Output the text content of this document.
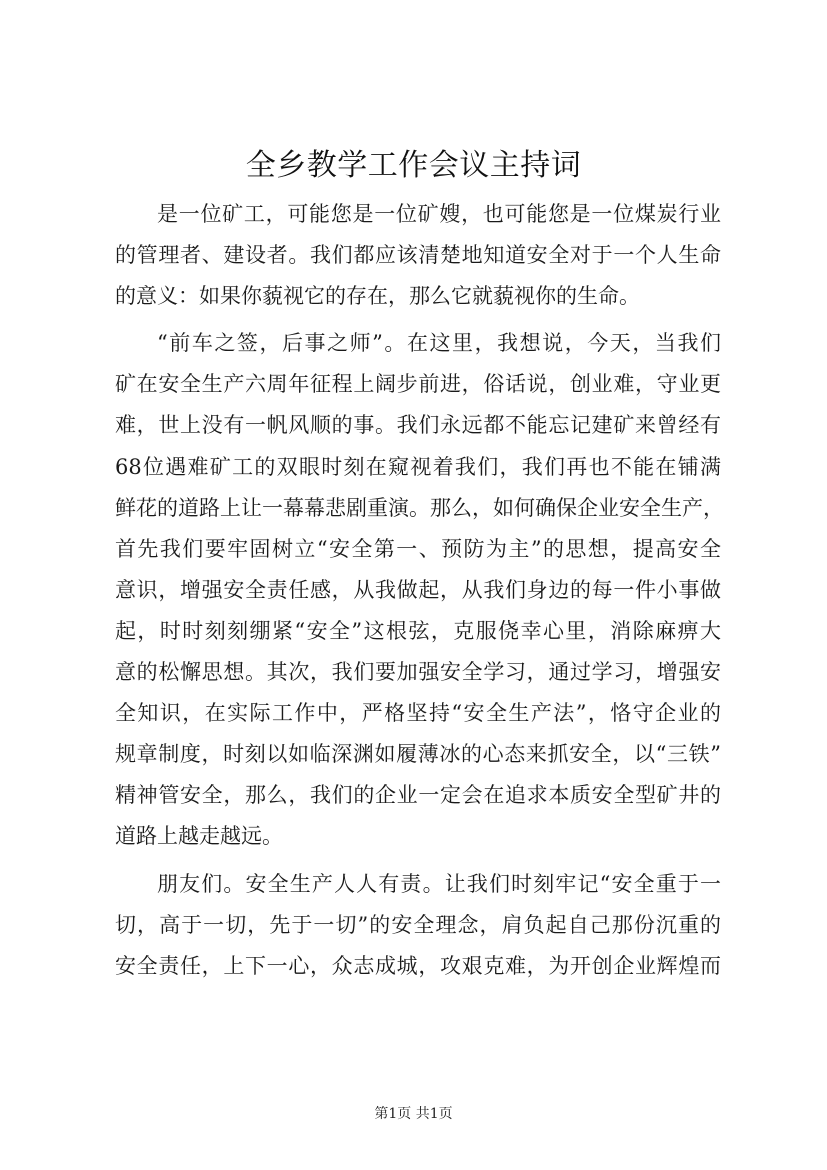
全乡教学工作会议主持词
是一位矿工，可能您是一位矿嫂，也可能您是一位煤炭行业
的管理者、建设者。我们都应该清楚地知道安全对于一个人生命
的意义：如果你藐视它的存在，那么它就藐视你的生命。
“前车之签，后事之师”。在这里，我想说，今天，当我们
矿在安全生产六周年征程上阔步前进，俗话说，创业难，守业更
难，世上没有一帆风顺的事。我们永远都不能忘记建矿来曾经有
68位遇难矿工的双眼时刻在窥视着我们，我们再也不能在铺满
鲜花的道路上让一幕幕悲剧重演。那么，如何确保企业安全生产，
首先我们要牢固树立“安全第一、预防为主”的思想，提高安全
意识，增强安全责任感，从我做起，从我们身边的每一件小事做
起，时时刻刻绷紧“安全”这根弦，克服侥幸心里，消除麻痹大
意的松懈思想。其次，我们要加强安全学习，通过学习，增强安
全知识，在实际工作中，严格坚持“安全生产法”，恪守企业的
规章制度，时刻以如临深渊如履薄冰的心态来抓安全，以“三铁”
精神管安全，那么，我们的企业一定会在追求本质安全型矿井的
道路上越走越远。
朋友们。安全生产人人有责。让我们时刻牢记“安全重于一
切，高于一切，先于一切”的安全理念，肩负起自己那份沉重的
安全责任，上下一心，众志成城，攻艰克难，为开创企业辉煌而
第1页 共1页
